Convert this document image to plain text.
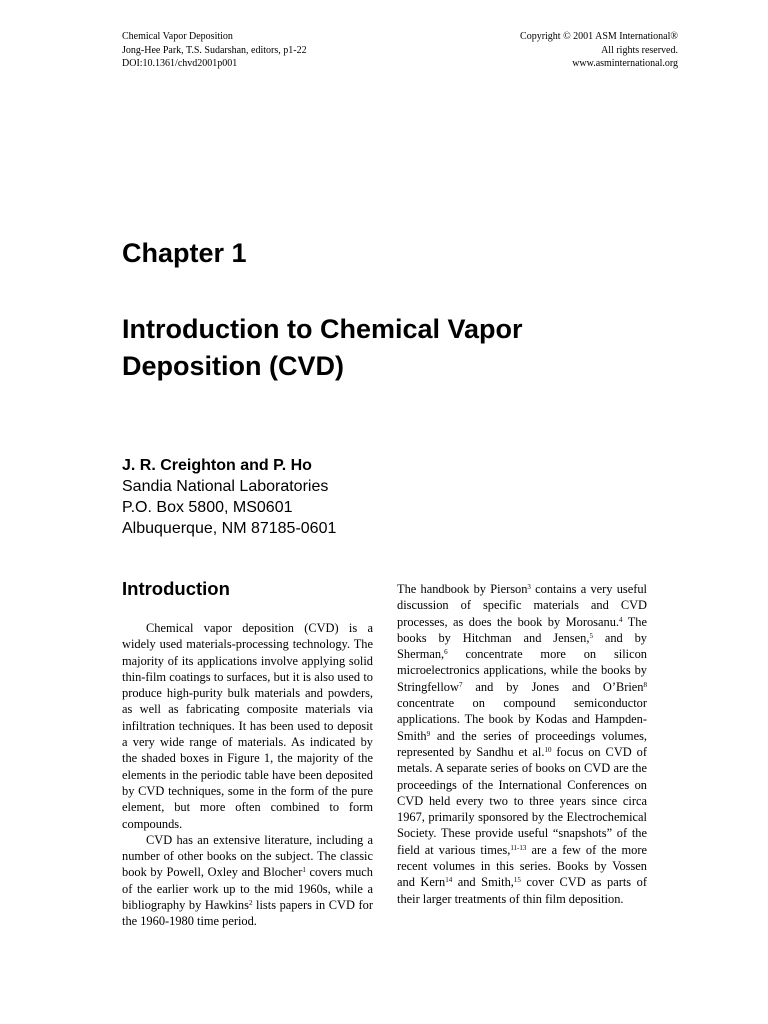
Chemical Vapor Deposition
Jong-Hee Park, T.S. Sudarshan, editors, p1-22
DOI:10.1361/chvd2001p001
Copyright © 2001 ASM International®
All rights reserved.
www.asminternational.org
Chapter 1
Introduction to Chemical Vapor Deposition (CVD)
J. R. Creighton and P. Ho
Sandia National Laboratories
P.O. Box 5800, MS0601
Albuquerque, NM 87185-0601
Introduction

Chemical vapor deposition (CVD) is a widely used materials-processing technology. The majority of its applications involve applying solid thin-film coatings to surfaces, but it is also used to produce high-purity bulk materials and powders, as well as fabricating composite materials via infiltration techniques. It has been used to deposit a very wide range of materials. As indicated by the shaded boxes in Figure 1, the majority of the elements in the periodic table have been deposited by CVD techniques, some in the form of the pure element, but more often combined to form compounds.

CVD has an extensive literature, including a number of other books on the subject. The classic book by Powell, Oxley and Blocher$^1$ covers much of the earlier work up to the mid 1960s, while a bibliography by Hawkins$^2$ lists papers in CVD for the 1960-1980 time period.

The handbook by Pierson$^3$ contains a very useful discussion of specific materials and CVD processes, as does the book by Morosanu.$^4$ The books by Hitchman and Jensen,$^5$ and by Sherman,$^6$ concentrate more on silicon microelectronics applications, while the books by Stringfellow$^7$ and by Jones and O’Brien$^8$ concentrate on compound semiconductor applications. The book by Kodas and Hampden-Smith$^9$ and the series of proceedings volumes, represented by Sandhu et al.$^{10}$ focus on CVD of metals. A separate series of books on CVD are the proceedings of the International Conferences on CVD held every two to three years since circa 1967, primarily sponsored by the Electrochemical Society. These provide useful “snapshots” of the field at various times,$^{11-13}$ are a few of the more recent volumes in this series. Books by Vossen and Kern$^{14}$ and Smith,$^{15}$ cover CVD as parts of their larger treatments of thin film deposition.
